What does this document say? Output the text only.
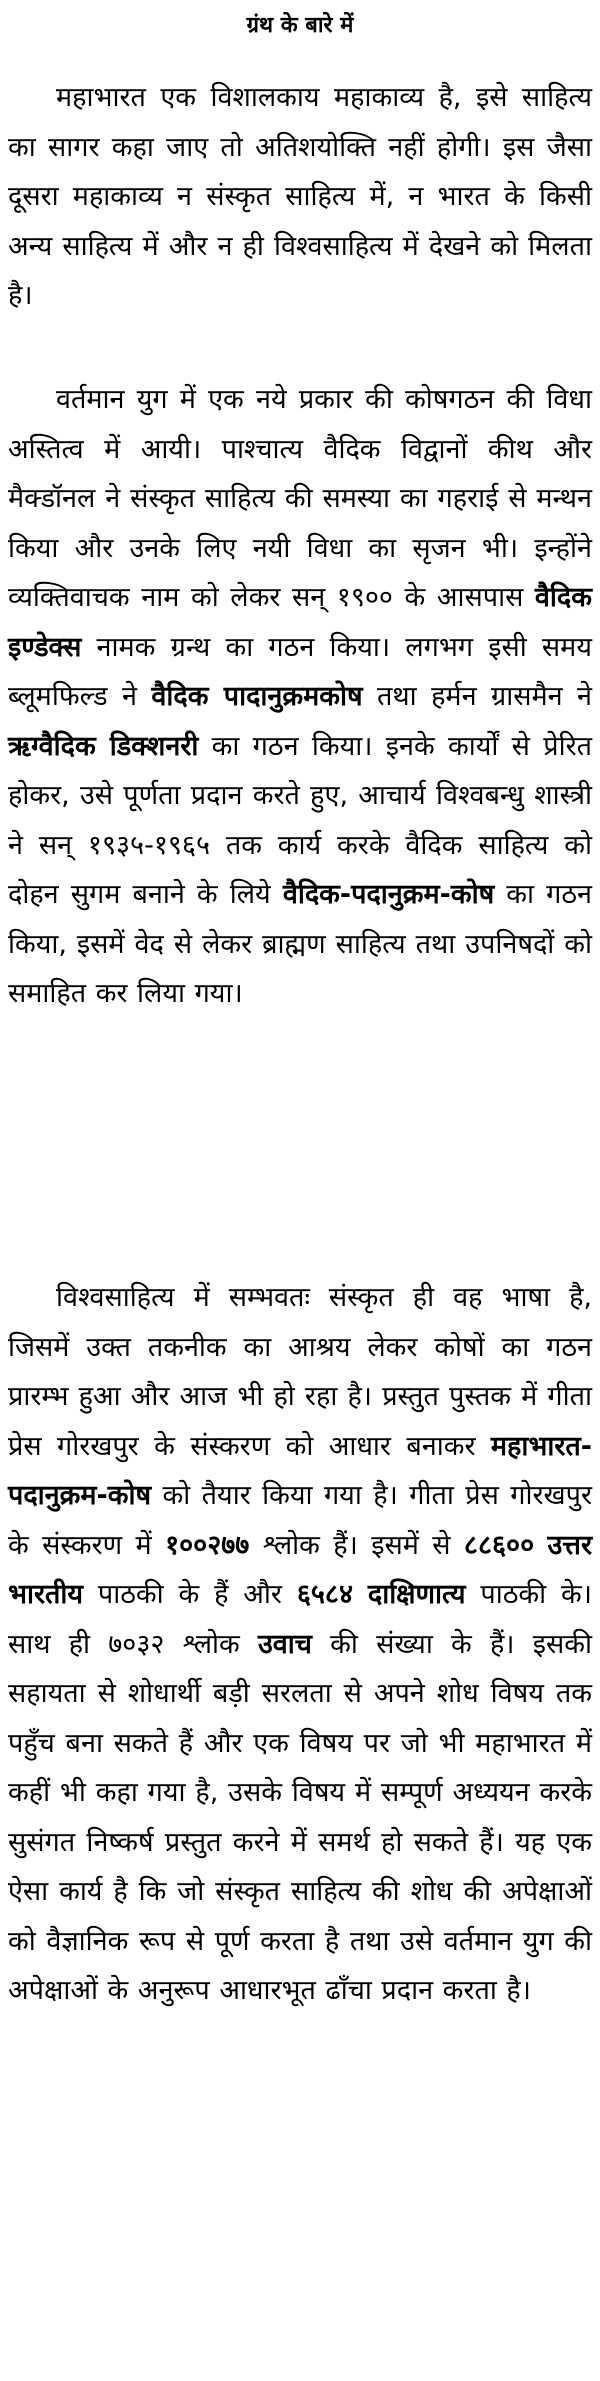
ग्रंथ के बारे में
महाभारत एक विशालकाय महाकाव्य है, इसे साहित्य का सागर कहा जाए तो अतिशयोक्ति नहीं होगी। इस जैसा दूसरा महाकाव्य न संस्कृत साहित्य में, न भारत के किसी अन्य साहित्य में और न ही विश्वसाहित्य में देखने को मिलता है।
वर्तमान युग में एक नये प्रकार की कोषगठन की विधा अस्तित्व में आयी। पाश्चात्य वैदिक विद्वानों कीथ और मैक्डॉनल ने संस्कृत साहित्य की समस्या का गहराई से मन्थन किया और उनके लिए नयी विधा का सृजन भी। इन्होंने व्यक्तिवाचक नाम को लेकर सन् १९०० के आसपास वैदिक इण्डेक्स नामक ग्रन्थ का गठन किया। लगभग इसी समय ब्लूमफिल्ड ने वैदिक पादानुक्रमकोष तथा हर्मन ग्रासमैन ने ऋग्वैदिक डिक्शनरी का गठन किया। इनके कार्यों से प्रेरित होकर, उसे पूर्णता प्रदान करते हुए, आचार्य विश्वबन्धु शास्त्री ने सन् १९३५-१९६५ तक कार्य करके वैदिक साहित्य को दोहन सुगम बनाने के लिये वैदिक-पदानुक्रम-कोष का गठन किया, इसमें वेद से लेकर ब्राह्मण साहित्य तथा उपनिषदों को समाहित कर लिया गया।
विश्वसाहित्य में सम्भवतः संस्कृत ही वह भाषा है, जिसमें उक्त तकनीक का आश्रय लेकर कोषों का गठन प्रारम्भ हुआ और आज भी हो रहा है। प्रस्तुत पुस्तक में गीता प्रेस गोरखपुर के संस्करण को आधार बनाकर महाभारत-पदानुक्रम-कोष को तैयार किया गया है। गीता प्रेस गोरखपुर के संस्करण में १००२७७ श्लोक हैं। इसमें से ८८६०० उत्तर भारतीय पाठकी के हैं और ६५८४ दाक्षिणात्य पाठकी के। साथ ही ७०३२ श्लोक उवाच की संख्या के हैं। इसकी सहायता से शोधार्थी बड़ी सरलता से अपने शोध विषय तक पहुँच बना सकते हैं और एक विषय पर जो भी महाभारत में कहीं भी कहा गया है, उसके विषय में सम्पूर्ण अध्ययन करके सुसंगत निष्कर्ष प्रस्तुत करने में समर्थ हो सकते हैं। यह एक ऐसा कार्य है कि जो संस्कृत साहित्य की शोध की अपेक्षाओं को वैज्ञानिक रूप से पूर्ण करता है तथा उसे वर्तमान युग की अपेक्षाओं के अनुरूप आधारभूत ढाँचा प्रदान करता है।
